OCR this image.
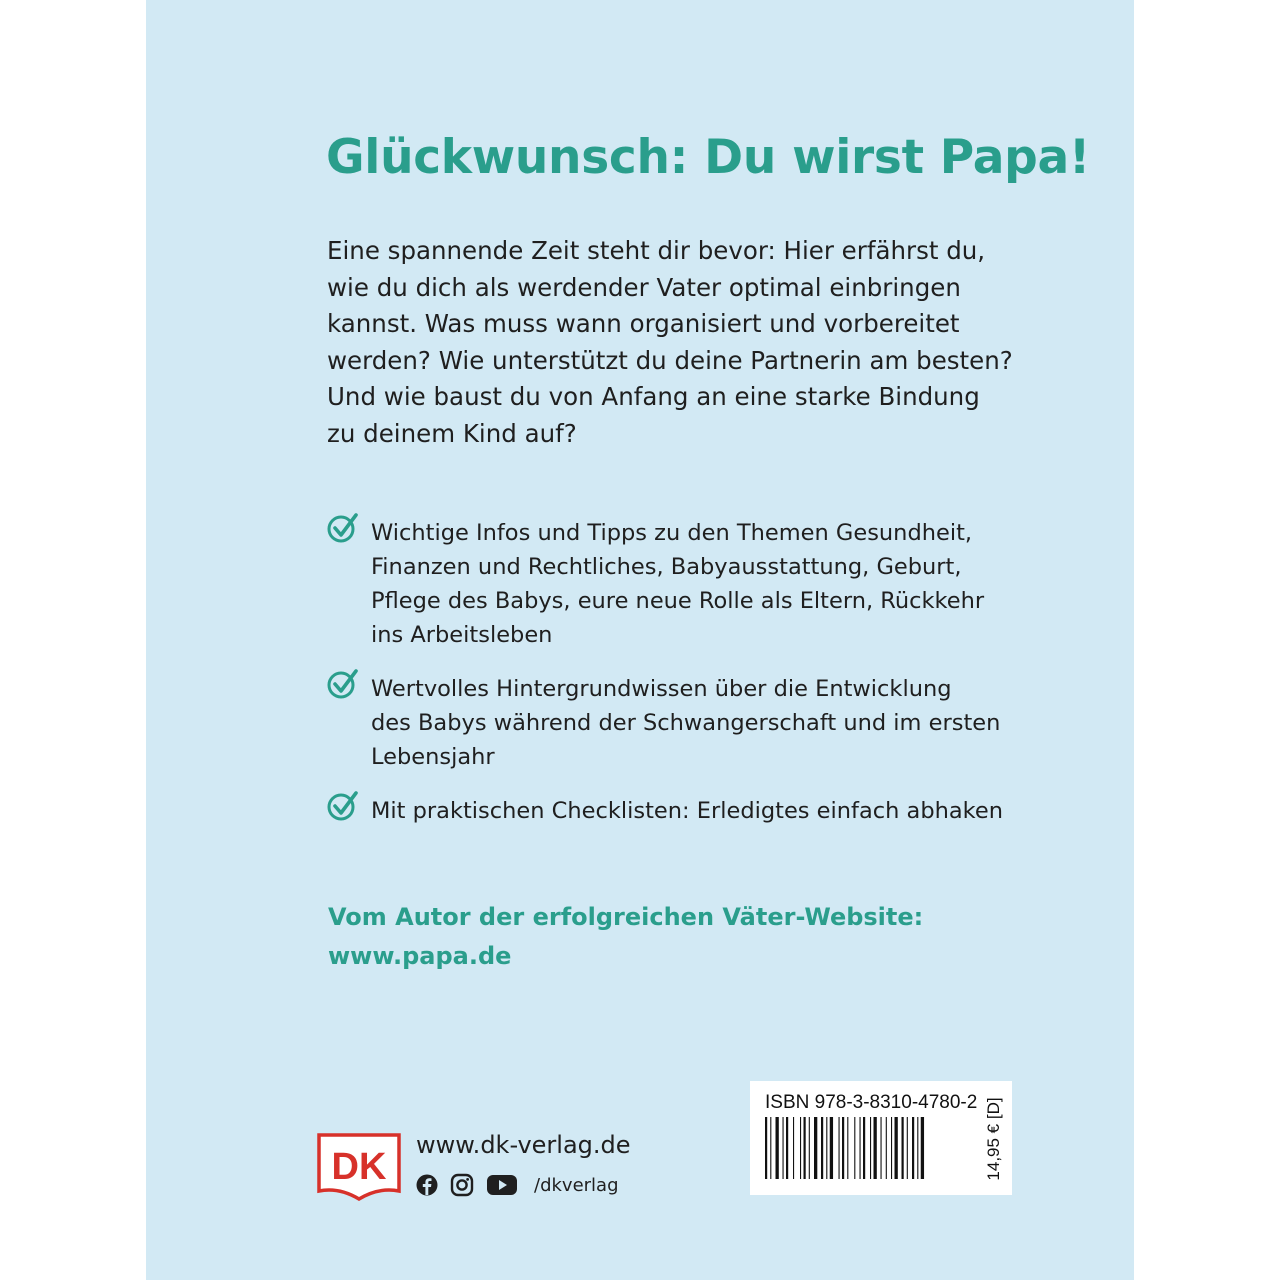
Glückwunsch: Du wirst Papa!

Eine spannende Zeit steht dir bevor: Hier erfährst du,
wie du dich als werdender Vater optimal einbringen
kannst. Was muss wann organisiert und vorbereitet
werden? Wie unterstützt du deine Partnerin am besten?
Und wie baust du von Anfang an eine starke Bindung
zu deinem Kind auf?

Wichtige Infos und Tipps zu den Themen Gesundheit,
Finanzen und Rechtliches, Babyausstattung, Geburt,
Pflege des Babys, eure neue Rolle als Eltern, Rückkehr
ins Arbeitsleben
Wertvolles Hintergrundwissen über die Entwicklung
des Babys während der Schwangerschaft und im ersten
Lebensjahr
Mit praktischen Checklisten: Erledigtes einfach abhaken
Vom Autor der erfolgreichen Väter-Website:
www.papa.de
DK
www.dk-verlag.de
/dkverlag
ISBN 978-3-8310-4780-2 14,95 € [D]
